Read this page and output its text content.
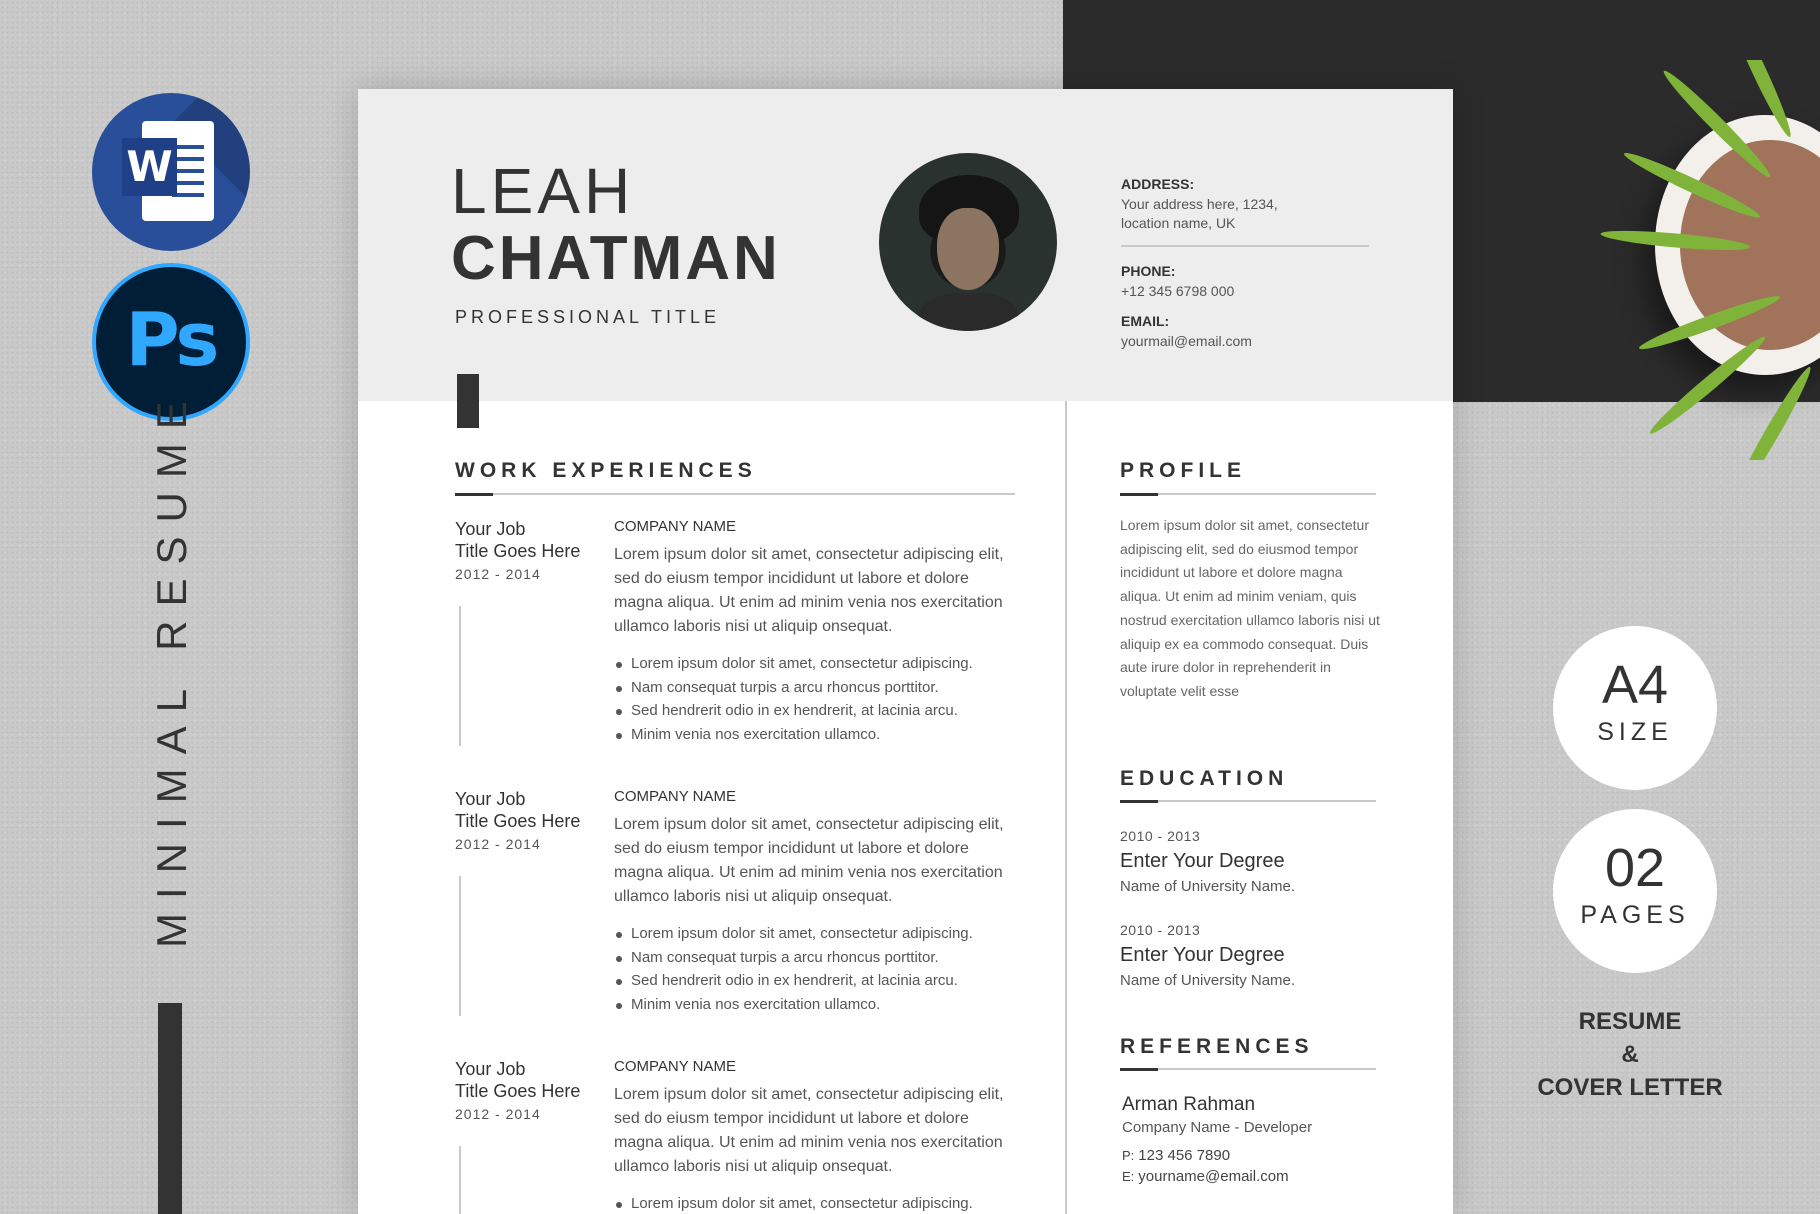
W
Ps
MINIMAL RESUME	A4
SIZE
02
PAGES
RESUME
&
COVER LETTER
LEAH
CHATMAN
PROFESSIONAL TITLE
ADDRESS:
Your address here, 1234,
location name, UK
PHONE:
+12 345 6798 000
EMAIL:
yourmail@email.com
WORK EXPERIENCES
Your Job
Title Goes Here
2012 - 2014
COMPANY NAME
Lorem ipsum dolor sit amet, consectetur adipiscing elit, sed do eiusm tempor incididunt ut labore et dolore magna aliqua. Ut enim ad minim venia nos exercitation ullamco laboris nisi ut aliquip onsequat.
Lorem ipsum dolor sit amet, consectetur adipiscing.
Nam consequat turpis a arcu rhoncus porttitor.
Sed hendrerit odio in ex hendrerit, at lacinia arcu.
Minim venia nos exercitation ullamco.
Your Job
Title Goes Here
2012 - 2014
COMPANY NAME
Lorem ipsum dolor sit amet, consectetur adipiscing elit, sed do eiusm tempor incididunt ut labore et dolore magna aliqua. Ut enim ad minim venia nos exercitation ullamco laboris nisi ut aliquip onsequat.
Lorem ipsum dolor sit amet, consectetur adipiscing.
Nam consequat turpis a arcu rhoncus porttitor.
Sed hendrerit odio in ex hendrerit, at lacinia arcu.
Minim venia nos exercitation ullamco.
Your Job
Title Goes Here
2012 - 2014
COMPANY NAME
Lorem ipsum dolor sit amet, consectetur adipiscing elit, sed do eiusm tempor incididunt ut labore et dolore magna aliqua. Ut enim ad minim venia nos exercitation ullamco laboris nisi ut aliquip onsequat.
Lorem ipsum dolor sit amet, consectetur adipiscing.
PROFILE
Lorem ipsum dolor sit amet, consectetur adipiscing elit, sed do eiusmod tempor incididunt ut labore et dolore magna aliqua. Ut enim ad minim veniam, quis nostrud exercitation ullamco laboris nisi ut aliquip ex ea commodo consequat. Duis aute irure dolor in reprehenderit in voluptate velit esse
EDUCATION
2010 - 2013
Enter Your Degree
Name of University Name.
2010 - 2013
Enter Your Degree
Name of University Name.
REFERENCES
Arman Rahman
Company Name - Developer
P: 123 456 7890
E: yourname@email.com
